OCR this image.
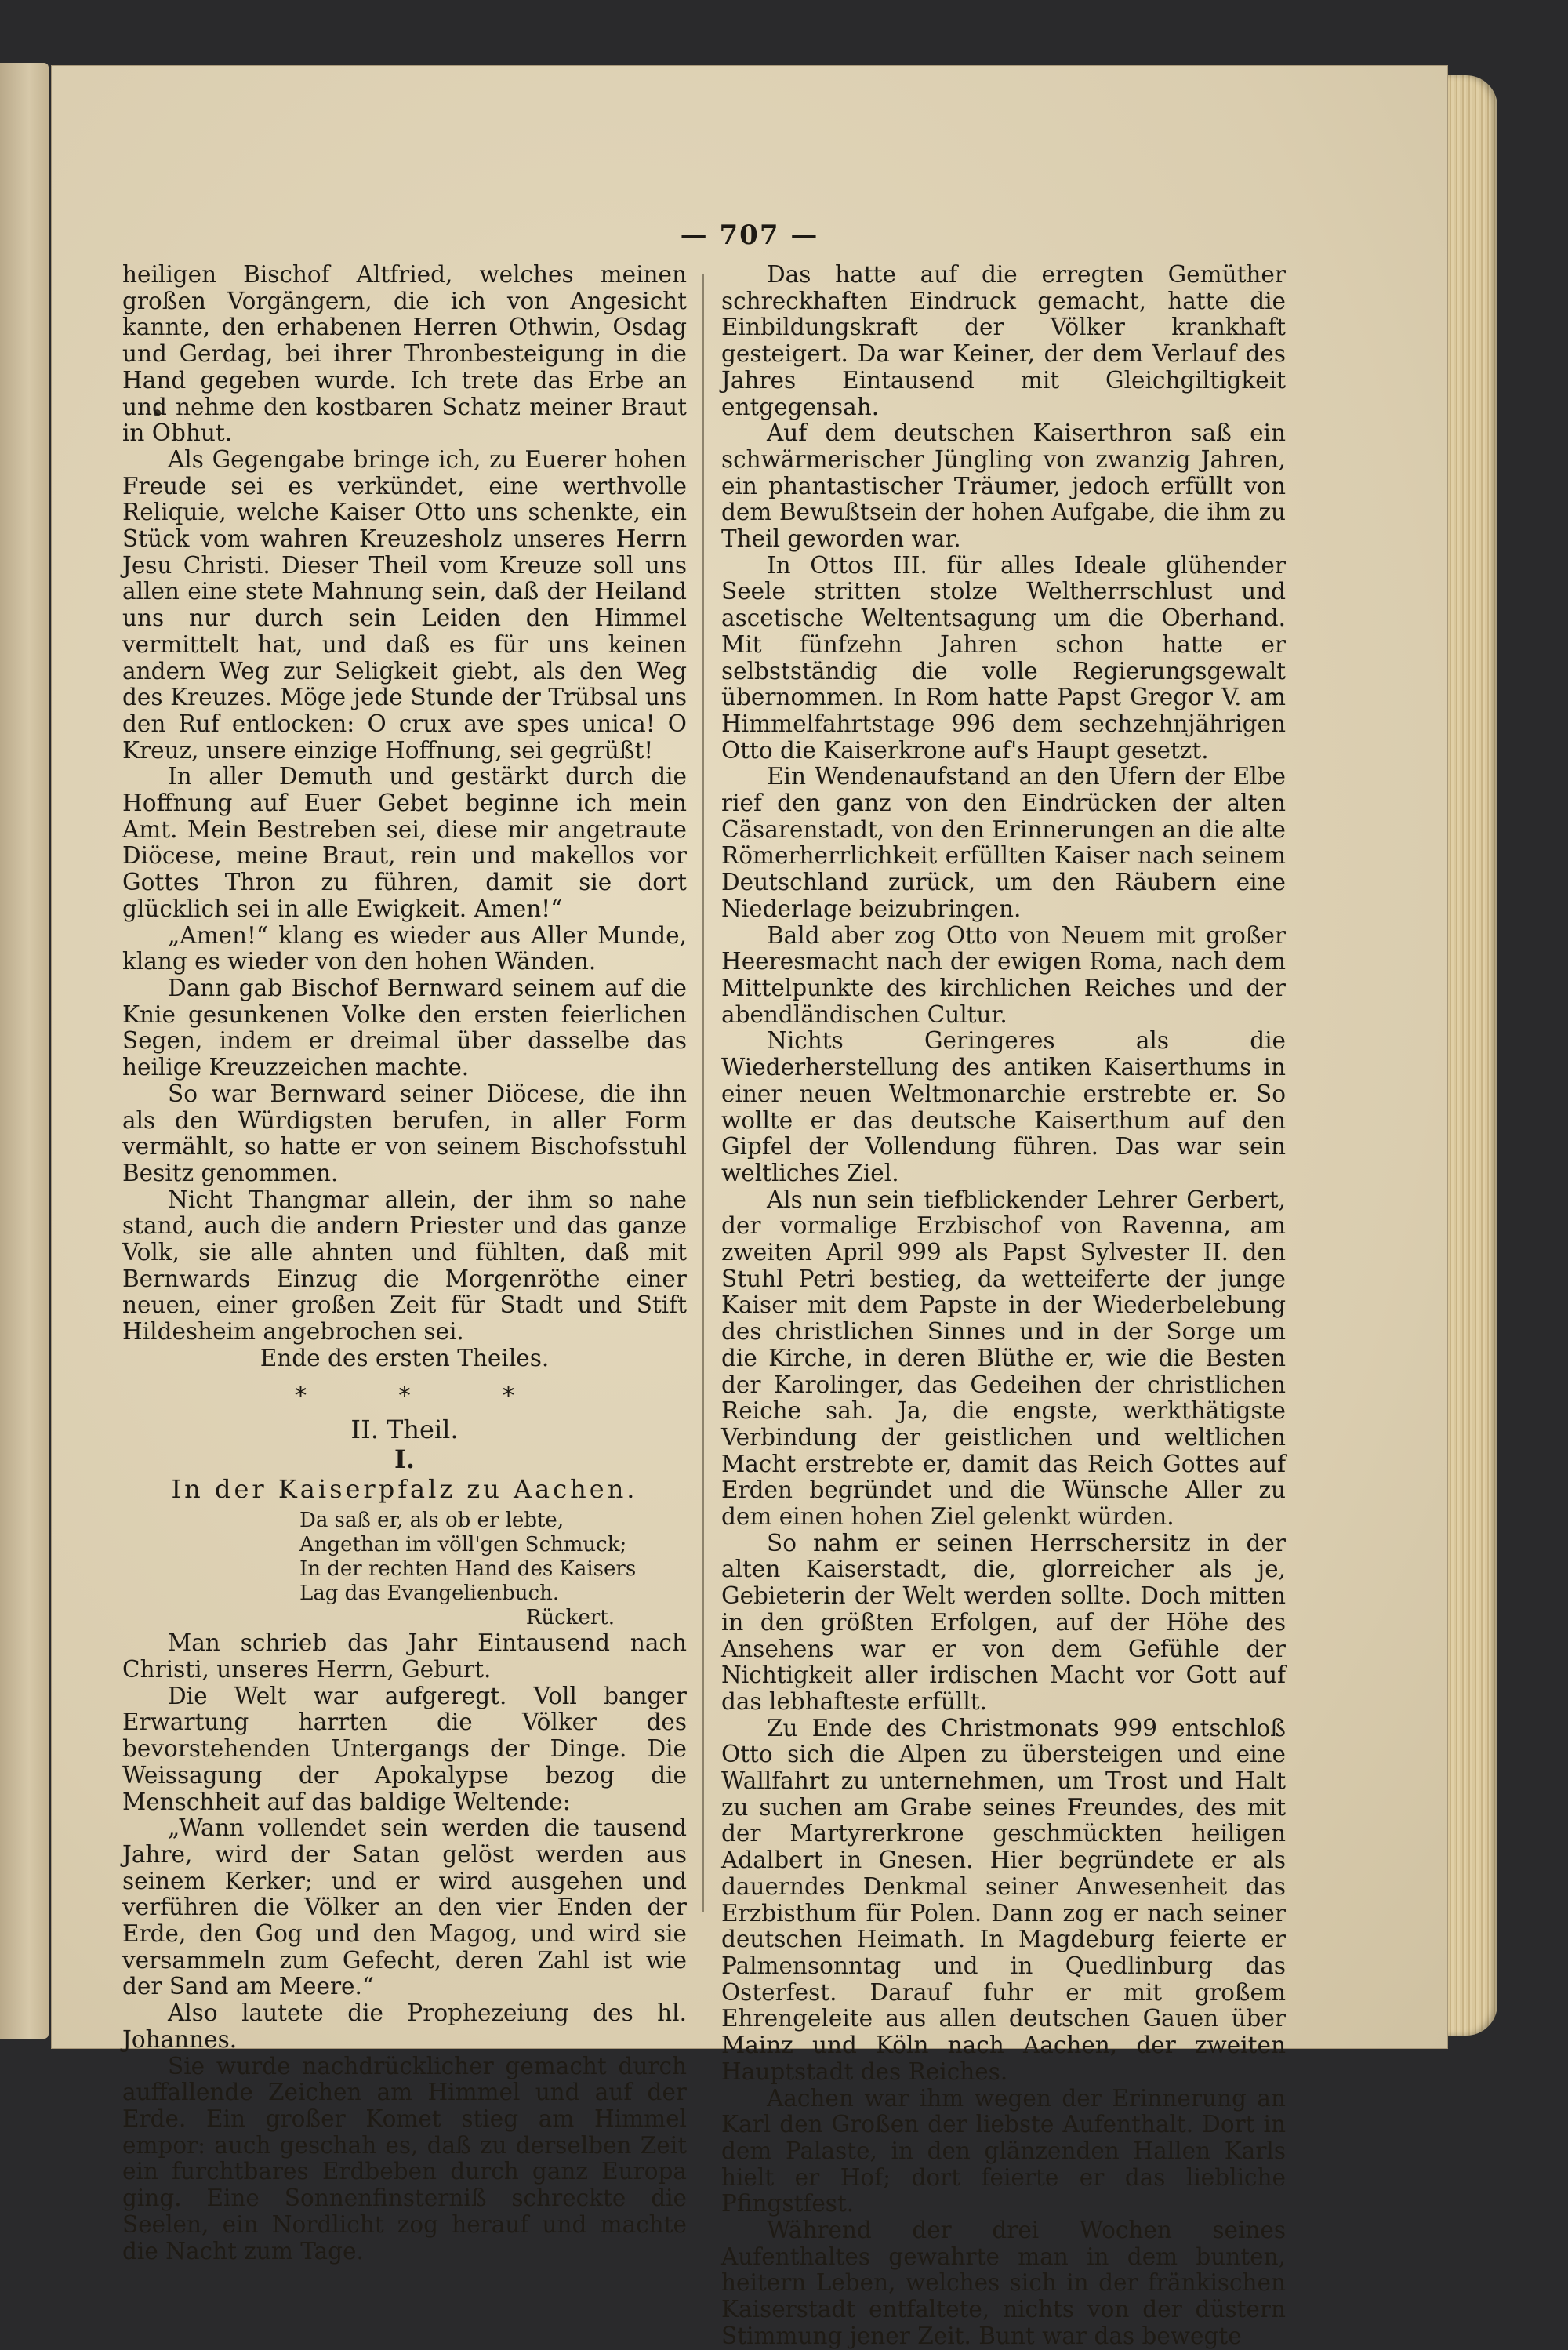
— 707 —

heiligen Bischof Altfried, welches meinen großen Vorgängern, die ich von Angesicht kannte, den erhabenen Herren Othwin, Osdag und Gerdag, bei ihrer Thronbesteigung in die Hand gegeben wurde. Ich trete das Erbe an und nehme den kostbaren Schatz meiner Braut in Obhut.

Als Gegengabe bringe ich, zu Euerer hohen Freude sei es verkündet, eine werthvolle Reliquie, welche Kaiser Otto uns schenkte, ein Stück vom wahren Kreuzesholz unseres Herrn Jesu Christi. Dieser Theil vom Kreuze soll uns allen eine stete Mahnung sein, daß der Heiland uns nur durch sein Leiden den Himmel vermittelt hat, und daß es für uns keinen andern Weg zur Seligkeit giebt, als den Weg des Kreuzes. Möge jede Stunde der Trübsal uns den Ruf entlocken: O crux ave spes unica! O Kreuz, unsere einzige Hoffnung, sei gegrüßt!

In aller Demuth und gestärkt durch die Hoffnung auf Euer Gebet beginne ich mein Amt. Mein Bestreben sei, diese mir angetraute Diöcese, meine Braut, rein und makellos vor Gottes Thron zu führen, damit sie dort glücklich sei in alle Ewigkeit. Amen!“

„Amen!“ klang es wieder aus Aller Munde, klang es wieder von den hohen Wänden.

Dann gab Bischof Bernward seinem auf die Knie gesunkenen Volke den ersten feierlichen Segen, indem er dreimal über dasselbe das heilige Kreuzzeichen machte.

So war Bernward seiner Diöcese, die ihn als den Würdigsten berufen, in aller Form vermählt, so hatte er von seinem Bischofsstuhl Besitz genommen.

Nicht Thangmar allein, der ihm so nahe stand, auch die andern Priester und das ganze Volk, sie alle ahnten und fühlten, daß mit Bernwards Einzug die Morgenröthe einer neuen, einer großen Zeit für Stadt und Stift Hildesheim angebrochen sei.

Ende des ersten Theiles.
* * *
II. Theil.
I.
In der Kaiserpfalz zu Aachen.
Da saß er, als ob er lebte,
Angethan im völl'gen Schmuck;
In der rechten Hand des Kaisers
Lag das Evangelienbuch.
Rückert.

Man schrieb das Jahr Eintausend nach Christi, unseres Herrn, Geburt.

Die Welt war aufgeregt. Voll banger Erwartung harrten die Völker des bevorstehenden Untergangs der Dinge. Die Weissagung der Apokalypse bezog die Menschheit auf das baldige Weltende:

„Wann vollendet sein werden die tausend Jahre, wird der Satan gelöst werden aus seinem Kerker; und er wird ausgehen und verführen die Völker an den vier Enden der Erde, den Gog und den Magog, und wird sie versammeln zum Gefecht, deren Zahl ist wie der Sand am Meere.“

Also lautete die Prophezeiung des hl. Johannes.

Sie wurde nachdrücklicher gemacht durch auffallende Zeichen am Himmel und auf der Erde. Ein großer Komet stieg am Himmel empor: auch geschah es, daß zu derselben Zeit ein furchtbares Erdbeben durch ganz Europa ging. Eine Sonnenfinsterniß schreckte die Seelen, ein Nordlicht zog herauf und machte die Nacht zum Tage.

Das hatte auf die erregten Gemüther schreckhaften Eindruck gemacht, hatte die Einbildungskraft der Völker krankhaft gesteigert. Da war Keiner, der dem Verlauf des Jahres Eintausend mit Gleichgiltigkeit entgegensah.

Auf dem deutschen Kaiserthron saß ein schwärmerischer Jüngling von zwanzig Jahren, ein phantastischer Träumer, jedoch erfüllt von dem Bewußtsein der hohen Aufgabe, die ihm zu Theil geworden war.

In Ottos III. für alles Ideale glühender Seele stritten stolze Weltherrschlust und ascetische Weltentsagung um die Oberhand. Mit fünfzehn Jahren schon hatte er selbstständig die volle Regierungsgewalt übernommen. In Rom hatte Papst Gregor V. am Himmelfahrtstage 996 dem sechzehnjährigen Otto die Kaiserkrone auf's Haupt gesetzt.

Ein Wendenaufstand an den Ufern der Elbe rief den ganz von den Eindrücken der alten Cäsarenstadt, von den Erinnerungen an die alte Römerherrlichkeit erfüllten Kaiser nach seinem Deutschland zurück, um den Räubern eine Niederlage beizubringen.

Bald aber zog Otto von Neuem mit großer Heeresmacht nach der ewigen Roma, nach dem Mittelpunkte des kirchlichen Reiches und der abendländischen Cultur.

Nichts Geringeres als die Wiederherstellung des antiken Kaiserthums in einer neuen Weltmonarchie erstrebte er. So wollte er das deutsche Kaiserthum auf den Gipfel der Vollendung führen. Das war sein weltliches Ziel.

Als nun sein tiefblickender Lehrer Gerbert, der vormalige Erzbischof von Ravenna, am zweiten April 999 als Papst Sylvester II. den Stuhl Petri bestieg, da wetteiferte der junge Kaiser mit dem Papste in der Wiederbelebung des christlichen Sinnes und in der Sorge um die Kirche, in deren Blüthe er, wie die Besten der Karolinger, das Gedeihen der christlichen Reiche sah. Ja, die engste, werkthätigste Verbindung der geistlichen und weltlichen Macht erstrebte er, damit das Reich Gottes auf Erden begründet und die Wünsche Aller zu dem einen hohen Ziel gelenkt würden.

So nahm er seinen Herrschersitz in der alten Kaiserstadt, die, glorreicher als je, Gebieterin der Welt werden sollte. Doch mitten in den größten Erfolgen, auf der Höhe des Ansehens war er von dem Gefühle der Nichtigkeit aller irdischen Macht vor Gott auf das lebhafteste erfüllt.

Zu Ende des Christmonats 999 entschloß Otto sich die Alpen zu übersteigen und eine Wallfahrt zu unternehmen, um Trost und Halt zu suchen am Grabe seines Freundes, des mit der Martyrerkrone geschmückten heiligen Adalbert in Gnesen. Hier begründete er als dauerndes Denkmal seiner Anwesenheit das Erzbisthum für Polen. Dann zog er nach seiner deutschen Heimath. In Magdeburg feierte er Palmensonntag und in Quedlinburg das Osterfest. Darauf fuhr er mit großem Ehrengeleite aus allen deutschen Gauen über Mainz und Köln nach Aachen, der zweiten Hauptstadt des Reiches.

Aachen war ihm wegen der Erinnerung an Karl den Großen der liebste Aufenthalt. Dort in dem Palaste, in den glänzenden Hallen Karls hielt er Hof; dort feierte er das liebliche Pfingstfest.

Während der drei Wochen seines Aufenthaltes gewahrte man in dem bunten, heitern Leben, welches sich in der fränkischen Kaiserstadt entfaltete, nichts von der düstern Stimmung jener Zeit. Bunt war das bewegte
